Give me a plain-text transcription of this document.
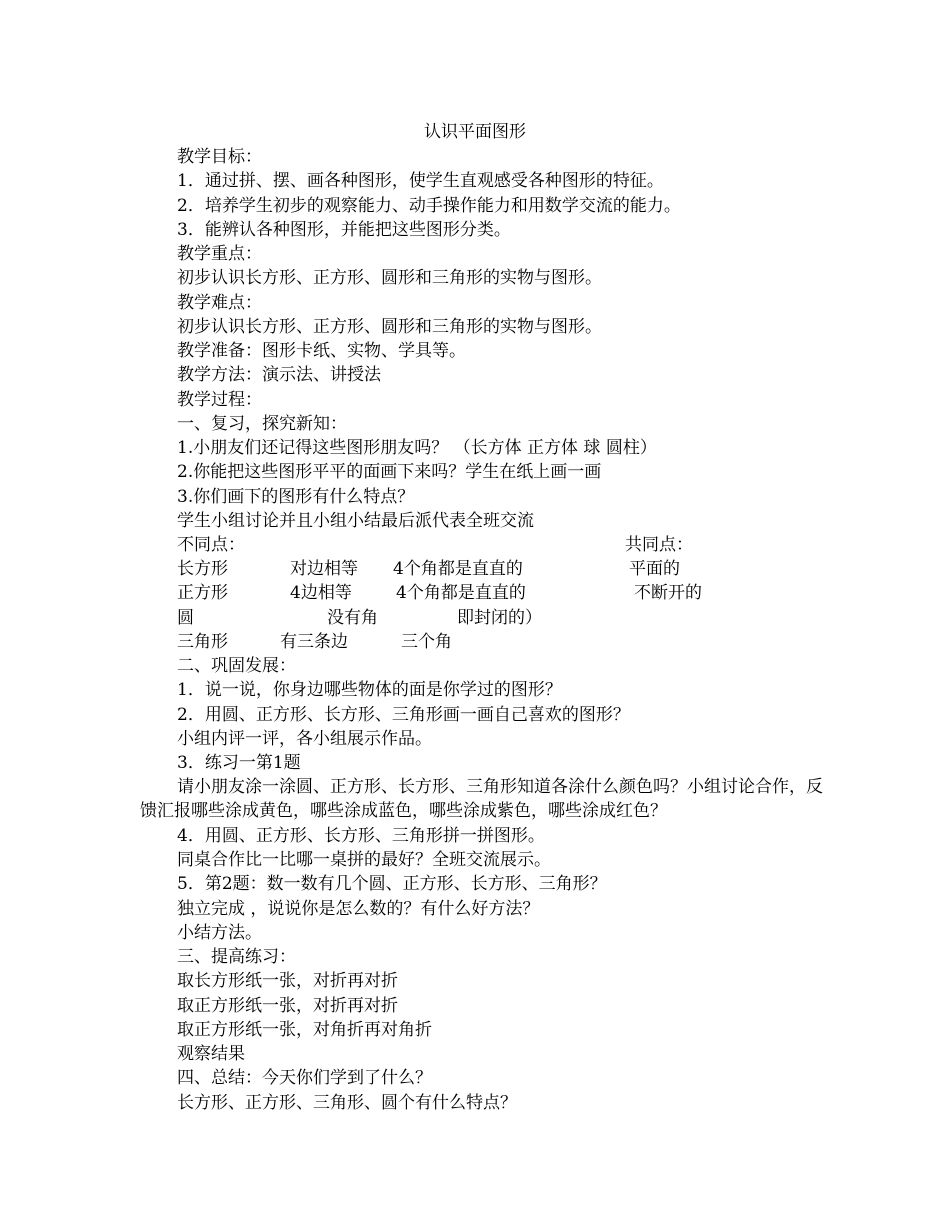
认识平面图形
教学目标：
1．通过拼、摆、画各种图形，使学生直观感受各种图形的特征。
2．培养学生初步的观察能力、动手操作能力和用数学交流的能力。
3．能辨认各种图形，并能把这些图形分类。
教学重点：
初步认识长方形、正方形、圆形和三角形的实物与图形。
教学难点：
初步认识长方形、正方形、圆形和三角形的实物与图形。
教学准备：图形卡纸、实物、学具等。
教学方法：演示法、讲授法
教学过程：
一、复习，探究新知：
1.小朋友们还记得这些图形朋友吗？ （长方体 正方体 球 圆柱）
2.你能把这些图形平平的面画下来吗？学生在纸上画一画
3.你们画下的图形有什么特点？
学生小组讨论并且小组小结最后派代表全班交流
不同点：	共同点：
长方形	对边相等 4个角都是直直的	平面的
正方形	4边相等	4个角都是直直的	不断开的
圆	没有角	即封闭的）
三角形	有三条边	三个角
二、巩固发展：
1．说一说，你身边哪些物体的面是你学过的图形？
2．用圆、正方形、长方形、三角形画一画自己喜欢的图形？
小组内评一评，各小组展示作品。
3．练习一第1题
请小朋友涂一涂圆、正方形、长方形、三角形知道各涂什么颜色吗？小组讨论合作，反馈汇报哪些涂成黄色，哪些涂成蓝色，哪些涂成紫色，哪些涂成红色？
4．用圆、正方形、长方形、三角形拼一拼图形。
同桌合作比一比哪一桌拼的最好？全班交流展示。
5．第2题：数一数有几个圆、正方形、长方形、三角形？
独立完成 ，说说你是怎么数的？有什么好方法？
小结方法。
三、提高练习：
取长方形纸一张，对折再对折
取正方形纸一张，对折再对折
取正方形纸一张，对角折再对角折
观察结果
四、总结：今天你们学到了什么？
长方形、正方形、三角形、圆个有什么特点？
